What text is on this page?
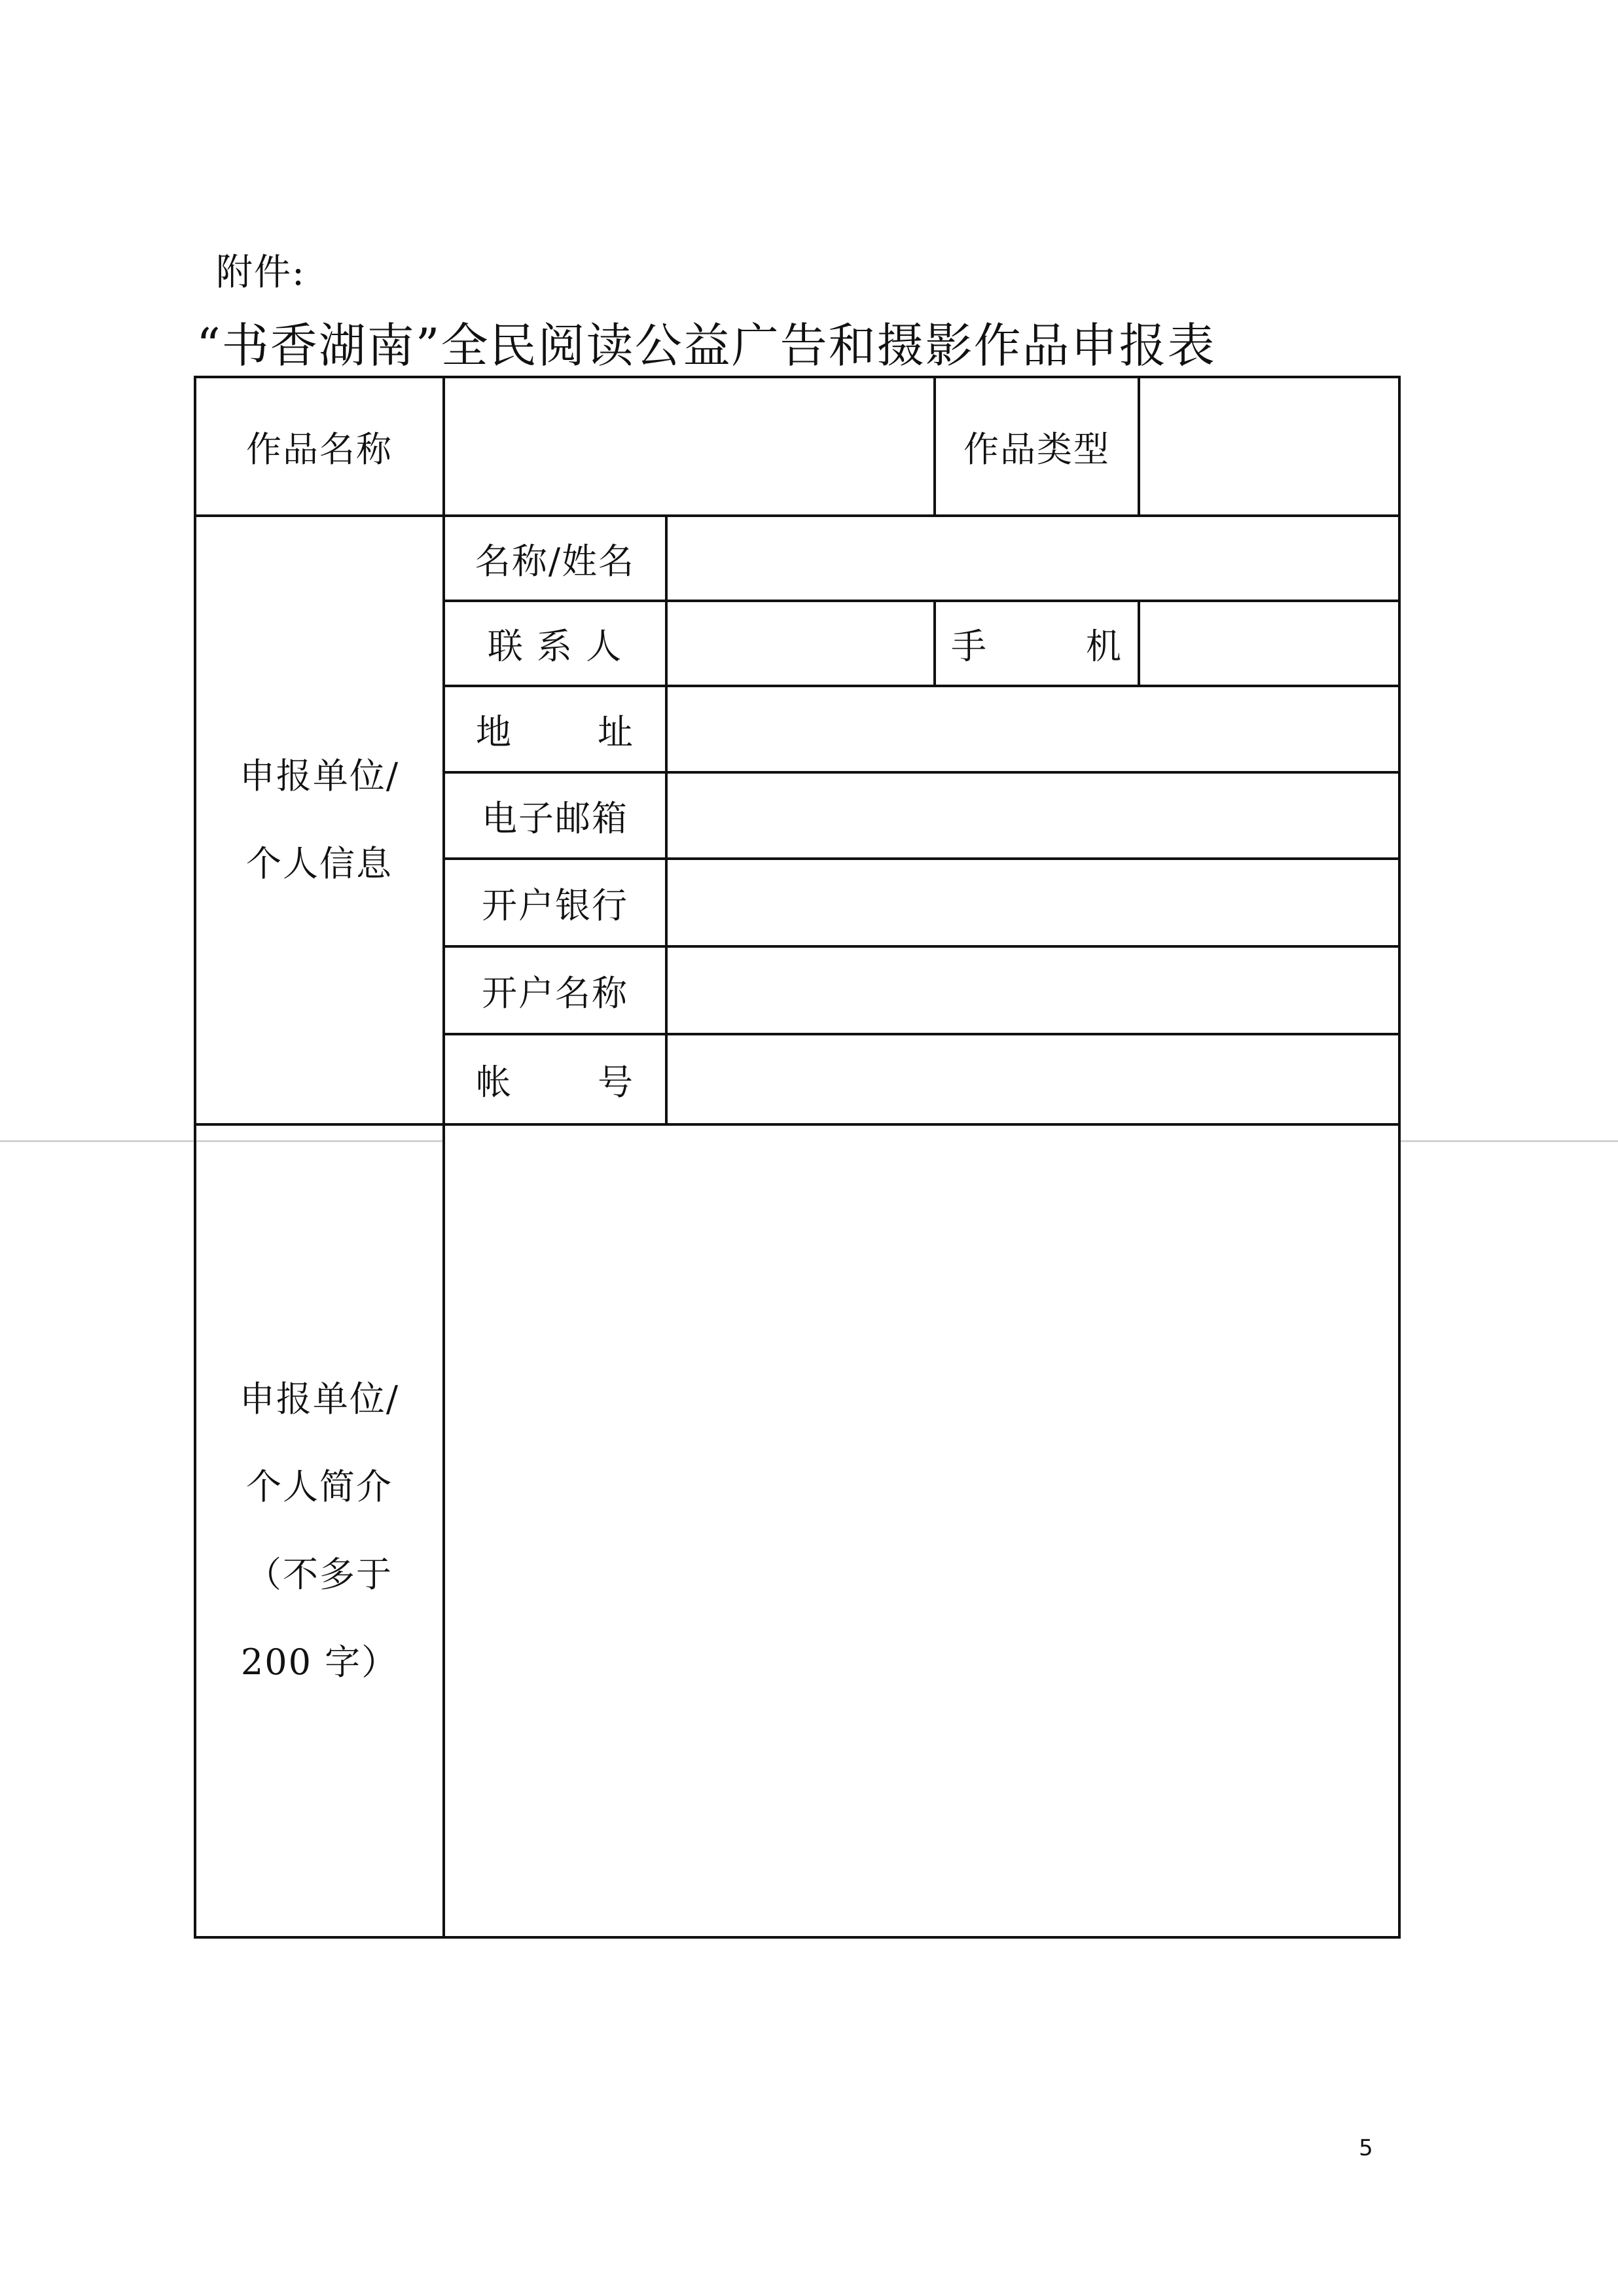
附件:
“书香湖南”全民阅读公益广告和摄影作品申报表
作品名称			作品类型	

申报单位/
个人信息	名称/姓名			
	联 系 人		手 机	
	地 址			
	电子邮箱			
	开户银行			
	开户名称			
	帐 号			

申报单位/
个人简介
（不多于
200 字）				

5
